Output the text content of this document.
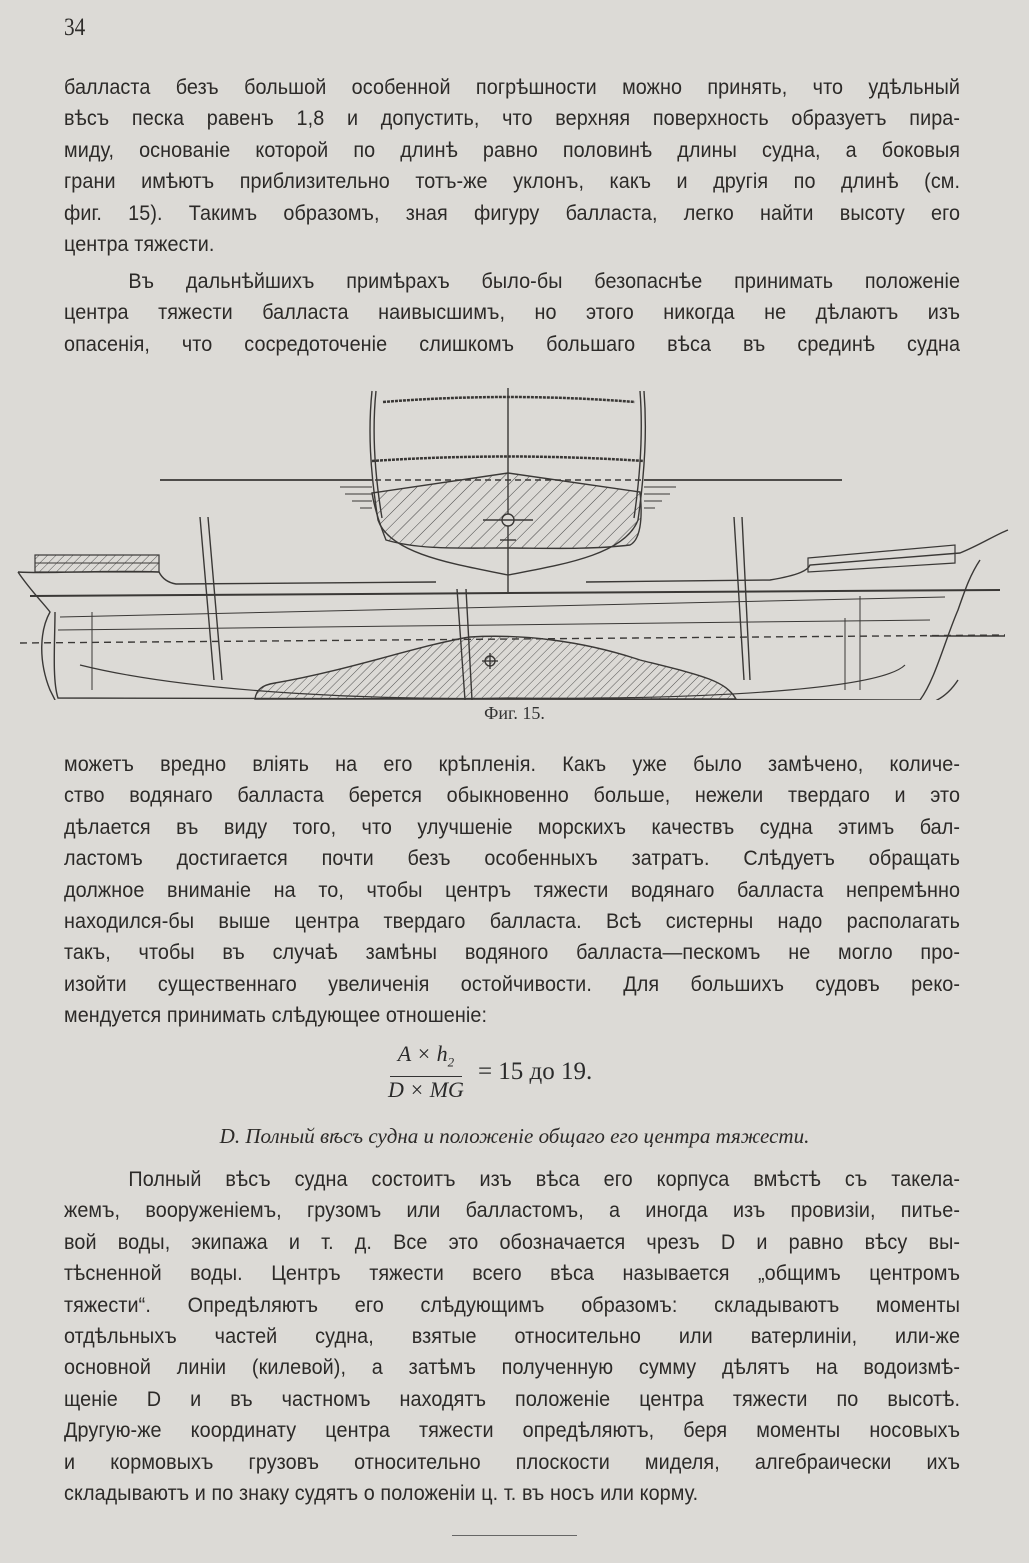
34
балласта безъ большой особенной погрѣшности можно принять, что удѣльный
вѣсъ песка равенъ 1,8 и допустить, что верхняя поверхность образуетъ пира-
миду, основаніе которой по длинѣ равно половинѣ длины судна, а боковыя
грани имѣютъ приблизительно тотъ-же уклонъ, какъ и другія по длинѣ (см.
фиг. 15). Такимъ образомъ, зная фигуру балласта, легко найти высоту его
центра тяжести.
Въ дальнѣйшихъ примѣрахъ было-бы безопаснѣе принимать положеніе
центра тяжести балласта наивысшимъ, но этого никогда не дѣлаютъ изъ
опасенія, что сосредоточеніе слишкомъ большаго вѣса въ срединѣ судна
Фиг. 15.
можетъ вредно вліять на его крѣпленія. Какъ уже было замѣчено, количе-
ство водянаго балласта берется обыкновенно больше, нежели твердаго и это
дѣлается въ виду того, что улучшеніе морскихъ качествъ судна этимъ бал-
ластомъ достигается почти безъ особенныхъ затратъ. Слѣдуетъ обращать
должное вниманіе на то, чтобы центръ тяжести водянаго балласта непремѣнно
находился-бы выше центра твердаго балласта. Всѣ систерны надо располагать
такъ, чтобы въ случаѣ замѣны водяного балласта—пескомъ не могло про-
изойти существеннаго увеличенія остойчивости. Для большихъ судовъ реко-
мендуется принимать слѣдующее отношеніе:
$\frac{A \times h_2}{D \times MG} = 15$ до 19.
D. Полный вѣсъ судна и положеніе общаго его центра тяжести.
Полный вѣсъ судна состоитъ изъ вѣса его корпуса вмѣстѣ съ такела-
жемъ, вооруженіемъ, грузомъ или балластомъ, а иногда изъ провизіи, питье-
вой воды, экипажа и т. д. Все это обозначается чрезъ D и равно вѣсу вы-
тѣсненной воды. Центръ тяжести всего вѣса называется „общимъ центромъ
тяжести“. Опредѣляютъ его слѣдующимъ образомъ: складываютъ моменты
отдѣльныхъ частей судна, взятые относительно или ватерлиніи, или-же
основной линіи (килевой), а затѣмъ полученную сумму дѣлятъ на водоизмѣ-
щеніе D и въ частномъ находятъ положеніе центра тяжести по высотѣ.
Другую-же координату центра тяжести опредѣляютъ, беря моменты носовыхъ
и кормовыхъ грузовъ относительно плоскости миделя, алгебраически ихъ
складываютъ и по знаку судятъ о положеніи ц. т. въ носъ или корму.
